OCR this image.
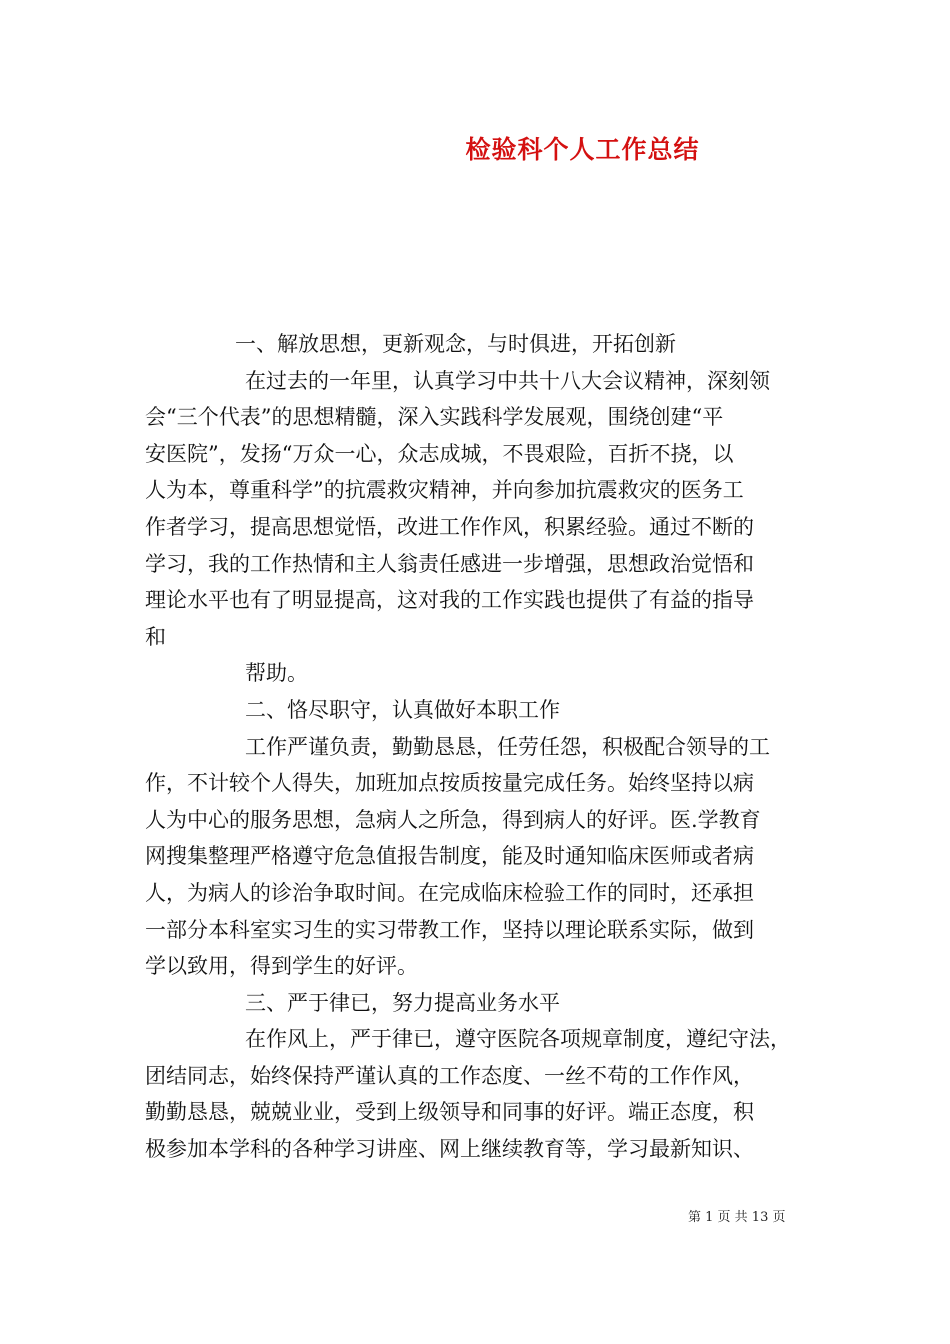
检验科个人工作总结
一、解放思想，更新观念，与时俱进，开拓创新
在过去的一年里，认真学习中共十八大会议精神，深刻领
会“三个代表”的思想精髓，深入实践科学发展观，围绕创建“平
安医院”，发扬“万众一心，众志成城，不畏艰险，百折不挠，以
人为本，尊重科学”的抗震救灾精神，并向参加抗震救灾的医务工
作者学习，提高思想觉悟，改进工作作风，积累经验。通过不断的
学习，我的工作热情和主人翁责任感进一步增强，思想政治觉悟和
理论水平也有了明显提高，这对我的工作实践也提供了有益的指导
和
帮助。
二、恪尽职守，认真做好本职工作
工作严谨负责，勤勤恳恳，任劳任怨，积极配合领导的工
作，不计较个人得失，加班加点按质按量完成任务。始终坚持以病
人为中心的服务思想，急病人之所急，得到病人的好评。医.学教育
网搜集整理严格遵守危急值报告制度，能及时通知临床医师或者病
人，为病人的诊治争取时间。在完成临床检验工作的同时，还承担
一部分本科室实习生的实习带教工作，坚持以理论联系实际，做到
学以致用，得到学生的好评。
三、严于律已，努力提高业务水平
在作风上，严于律已，遵守医院各项规章制度，遵纪守法，
团结同志，始终保持严谨认真的工作态度、一丝不苟的工作作风，
勤勤恳恳，兢兢业业，受到上级领导和同事的好评。端正态度，积
极参加本学科的各种学习讲座、网上继续教育等，学习最新知识、
第 1 页 共 13 页
